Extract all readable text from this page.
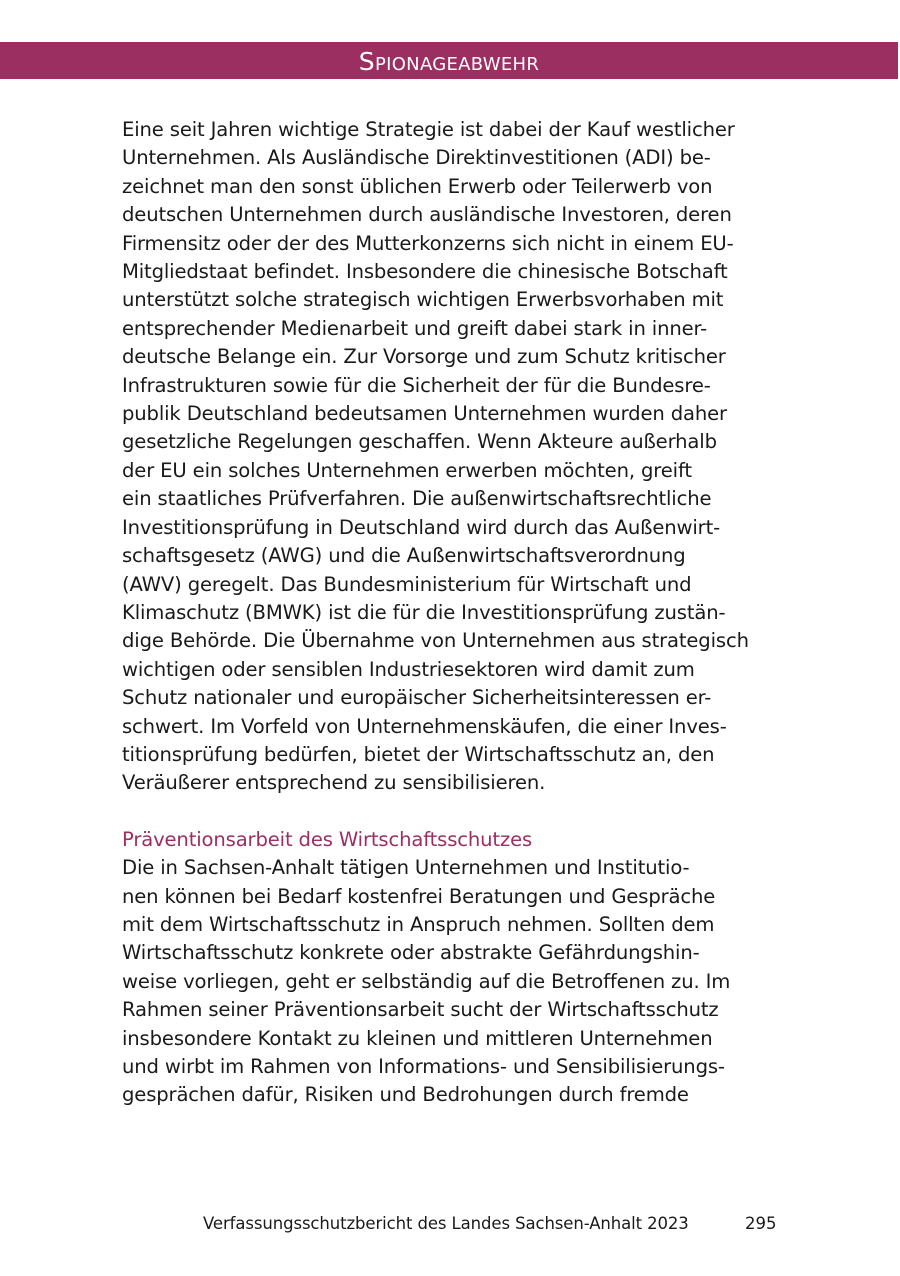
Spionageabwehr

Eine seit Jahren wichtige Strategie ist dabei der Kauf westlicher
Unternehmen. Als Ausländische Direktinvestitionen (ADI) be-
zeichnet man den sonst üblichen Erwerb oder Teilerwerb von
deutschen Unternehmen durch ausländische Investoren, deren
Firmensitz oder der des Mutterkonzerns sich nicht in einem EU-
Mitgliedstaat befindet. Insbesondere die chinesische Botschaft
unterstützt solche strategisch wichtigen Erwerbsvorhaben mit
entsprechender Medienarbeit und greift dabei stark in inner-
deutsche Belange ein. Zur Vorsorge und zum Schutz kritischer
Infrastrukturen sowie für die Sicherheit der für die Bundesre-
publik Deutschland bedeutsamen Unternehmen wurden daher
gesetzliche Regelungen geschaffen. Wenn Akteure außerhalb
der EU ein solches Unternehmen erwerben möchten, greift
ein staatliches Prüfverfahren. Die außenwirtschaftsrechtliche
Investitionsprüfung in Deutschland wird durch das Außenwirt-
schaftsgesetz (AWG) und die Außenwirtschaftsverordnung
(AWV) geregelt. Das Bundesministerium für Wirtschaft und
Klimaschutz (BMWK) ist die für die Investitionsprüfung zustän-
dige Behörde. Die Übernahme von Unternehmen aus strategisch
wichtigen oder sensiblen Industriesektoren wird damit zum
Schutz nationaler und europäischer Sicherheitsinteressen er-
schwert. Im Vorfeld von Unternehmenskäufen, die einer Inves-
titionsprüfung bedürfen, bietet der Wirtschaftsschutz an, den
Veräußerer entsprechend zu sensibilisieren.

Präventionsarbeit des Wirtschaftsschutzes

Die in Sachsen-Anhalt tätigen Unternehmen und Institutio-
nen können bei Bedarf kostenfrei Beratungen und Gespräche
mit dem Wirtschaftsschutz in Anspruch nehmen. Sollten dem
Wirtschaftsschutz konkrete oder abstrakte Gefährdungshin-
weise vorliegen, geht er selbständig auf die Betroffenen zu. Im
Rahmen seiner Präventionsarbeit sucht der Wirtschaftsschutz
insbesondere Kontakt zu kleinen und mittleren Unternehmen
und wirbt im Rahmen von Informations- und Sensibilisierungs-
gesprächen dafür, Risiken und Bedrohungen durch fremde

Verfassungsschutzbericht des Landes Sachsen-Anhalt 2023	295
